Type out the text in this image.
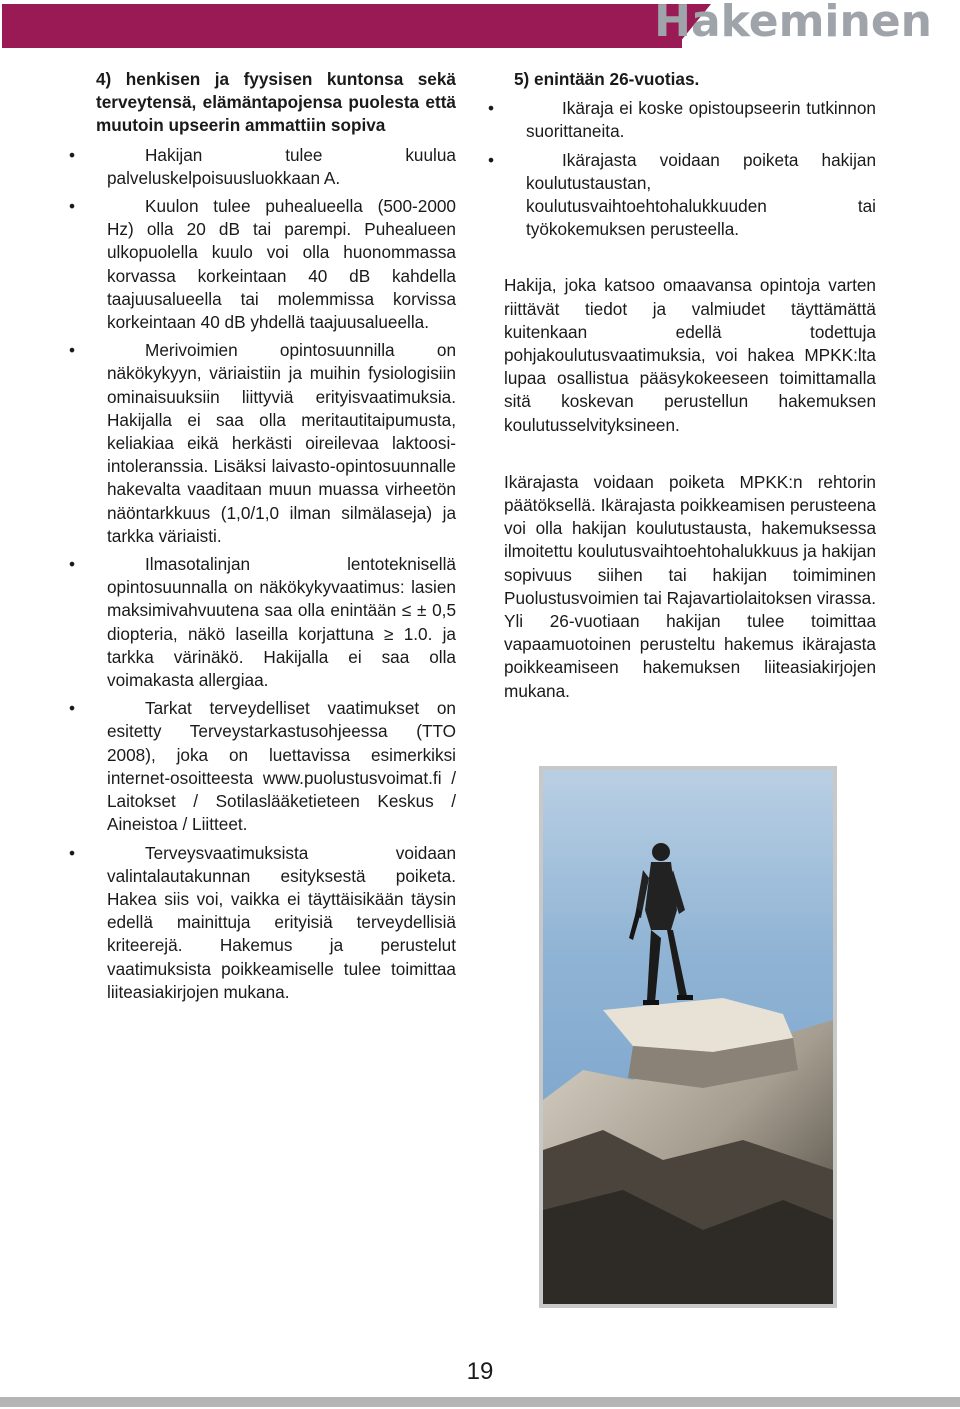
Hakeminen

4) henkisen ja fyysisen kuntonsa sekä terveytensä, elämäntapojensa puolesta että muutoin upseerin ammattiin sopiva

•	Hakijan tulee kuulua palveluskelpoisuusluokkaan A.
•	Kuulon tulee puhealueella (500-2000 Hz) olla 20 dB tai parempi. Puhealueen ulkopuolella kuulo voi olla huonommassa korvassa korkeintaan 40 dB kahdella taajuusalueella tai molemmissa korvissa korkeintaan 40 dB yhdellä taajuusalueella.
•	Merivoimien opintosuunnilla on näkökykyyn, väriaistiin ja muihin fysiologisiin ominaisuuksiin liittyviä erityisvaatimuksia. Hakijalla ei saa olla meritautitaipumusta, keliakiaa eikä herkästi oireilevaa laktoosi-intoleranssia. Lisäksi laivasto-opintosuunnalle hakevalta vaaditaan muun muassa virheetön näöntarkkuus (1,0/1,0 ilman silmälaseja) ja tarkka väriaisti.
•	Ilmasotalinjan lentoteknisellä opintosuunnalla on näkökykyvaatimus: lasien maksimivahvuutena saa olla enintään ≤ ± 0,5 diopteria, näkö laseilla korjattuna ≥ 1.0. ja tarkka värinäkö. Hakijalla ei saa olla voimakasta allergiaa.
•	Tarkat terveydelliset vaatimukset on esitetty Terveystarkastusohjeessa (TTO 2008), joka on luettavissa esimerkiksi internet-osoitteesta www.puolustusvoimat.fi / Laitokset / Sotilaslääketieteen Keskus / Aineistoa / Liitteet.
•	Terveysvaatimuksista voidaan valintalautakunnan esityksestä poiketa. Hakea siis voi, vaikka ei täyttäisikään täysin edellä mainittuja erityisiä terveydellisiä kriteerejä. Hakemus ja perustelut vaatimuksista poikkeamiselle tulee toimittaa liiteasiakirjojen mukana.

5) enintään 26-vuotias.

•	Ikäraja ei koske opistoupseerin tutkinnon suorittaneita.
•	Ikärajasta voidaan poiketa hakijan koulutustaustan, koulutusvaihtoehtohalukkuuden tai työkokemuksen perusteella.

Hakija, joka katsoo omaavansa opintoja varten riittävät tiedot ja valmiudet täyttämättä kuitenkaan edellä todettuja pohjakoulutusvaatimuksia, voi hakea MPKK:lta lupaa osallistua pääsykokeeseen toimittamalla sitä koskevan perustellun hakemuksen koulutusselvityksineen.

Ikärajasta voidaan poiketa MPKK:n rehtorin päätöksellä. Ikärajasta poikkeamisen perusteena voi olla hakijan koulutustausta, hakemuksessa ilmoitettu koulutusvaihtoehtohalukkuus ja hakijan sopivuus siihen tai hakijan toimiminen Puolustusvoimien tai Rajavartiolaitoksen virassa. Yli 26-vuotiaan hakijan tulee toimittaa vapaamuotoinen perusteltu hakemus ikärajasta poikkeamiseen hakemuksen liiteasiakirjojen mukana.

19
